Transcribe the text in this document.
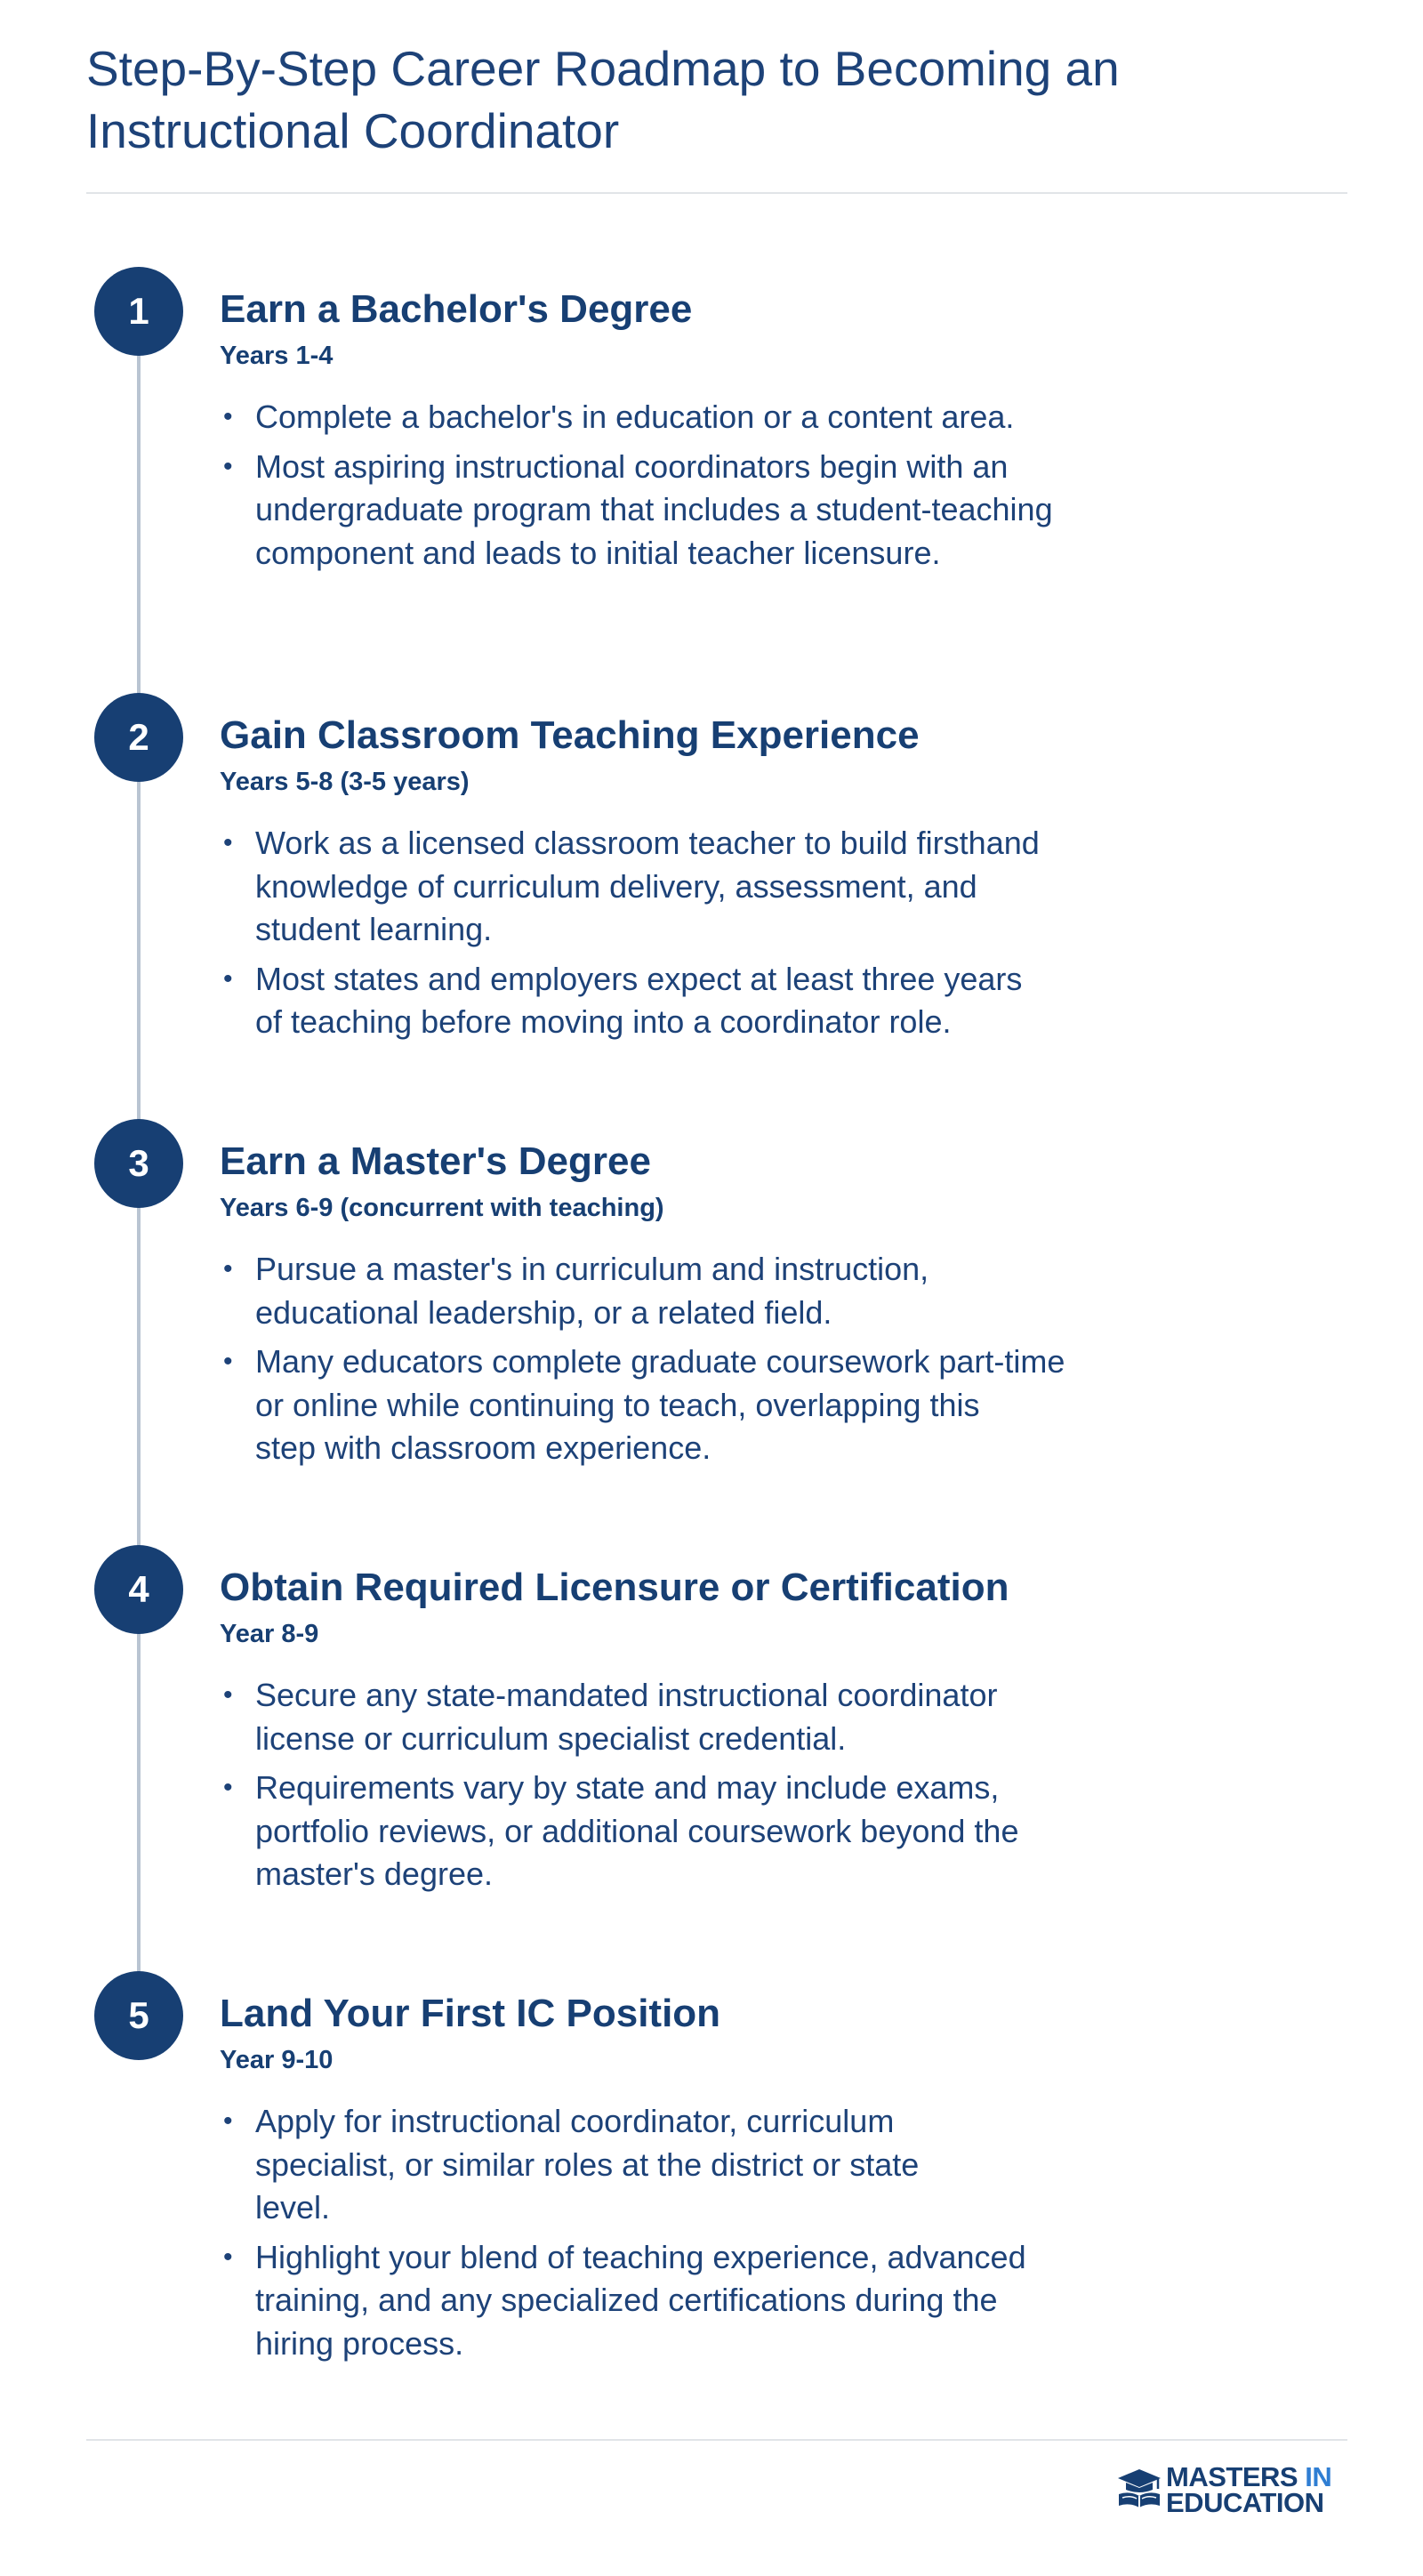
Step-By-Step Career Roadmap to Becoming an
Instructional Coordinator
1	Earn a Bachelor's Degree
Years 1-4
• Complete a bachelor's in education or a content area.
• Most aspiring instructional coordinators begin with an
undergraduate program that includes a student-teaching
component and leads to initial teacher licensure.
2	Gain Classroom Teaching Experience
Years 5-8 (3-5 years)
• Work as a licensed classroom teacher to build firsthand
knowledge of curriculum delivery, assessment, and
student learning.
• Most states and employers expect at least three years
of teaching before moving into a coordinator role.
3	Earn a Master's Degree
Years 6-9 (concurrent with teaching)
• Pursue a master's in curriculum and instruction,
educational leadership, or a related field.
• Many educators complete graduate coursework part-time
or online while continuing to teach, overlapping this
step with classroom experience.
4	Obtain Required Licensure or Certification
Year 8-9
• Secure any state-mandated instructional coordinator
license or curriculum specialist credential.
• Requirements vary by state and may include exams,
portfolio reviews, or additional coursework beyond the
master's degree.
5	Land Your First IC Position
Year 9-10
• Apply for instructional coordinator, curriculum
specialist, or similar roles at the district or state
level.
• Highlight your blend of teaching experience, advanced
training, and any specialized certifications during the
hiring process.
MASTERS IN
EDUCATION
